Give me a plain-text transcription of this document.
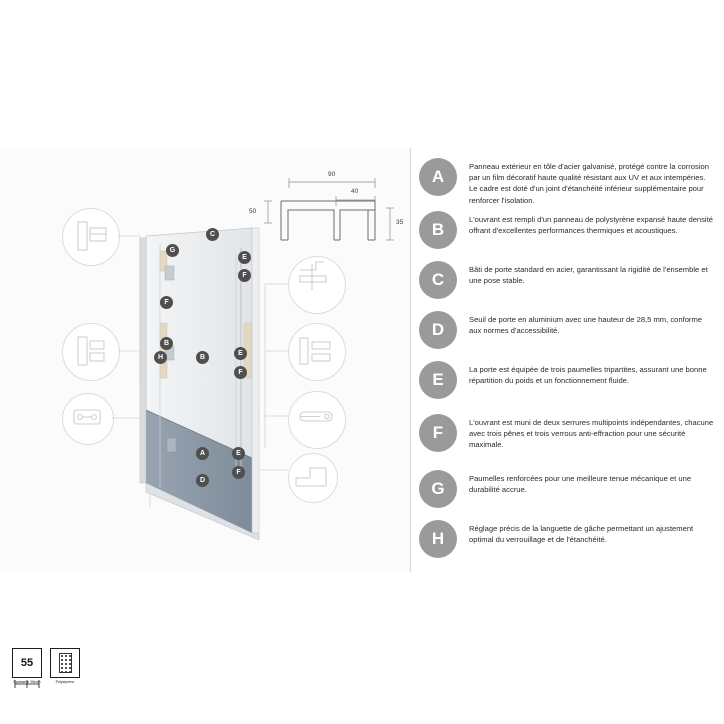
C
G
E
F
F
B
H	B
E
F
A	E
F
D
90
50
40
35
55
Épaisseur 55mm	Polystyrène
A
Panneau extérieur en tôle d'acier galvanisé, protégé contre la corrosion par un film décoratif haute qualité résistant aux UV et aux intempéries. Le cadre est doté d'un joint d'étanchéité inférieur supplémentaire pour renforcer l'isolation.
B
L'ouvrant est rempli d'un panneau de polystyrène expansé haute densité offrant d'excellentes performances thermiques et acoustiques.
C
Bâti de porte standard en acier, garantissant la rigidité de l'ensemble et une pose stable.
D
Seuil de porte en aluminium avec une hauteur de 28,5 mm, conforme aux normes d'accessibilité.
E
La porte est équipée de trois paumelles tripartites, assurant une bonne répartition du poids et un fonctionnement fluide.
F
L'ouvrant est muni de deux serrures multipoints indépendantes, chacune avec trois pênes et trois verrous anti-effraction pour une sécurité maximale.
G
Paumelles renforcées pour une meilleure tenue mécanique et une durabilité accrue.
H
Réglage précis de la languette de gâche permettant un ajustement optimal du verrouillage et de l'étanchéité.
